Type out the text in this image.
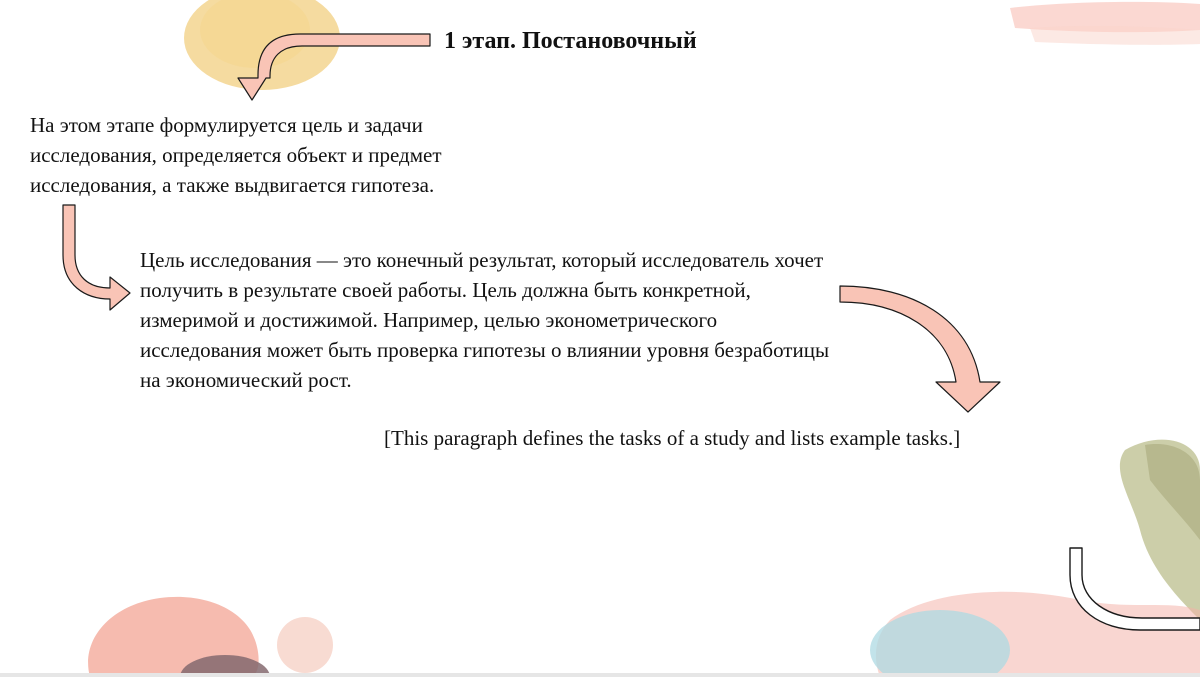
1 этап. Постановочный

На этом этапе формулируется цель и задачи исследования, определяется объект и предмет исследования, а также выдвигается гипотеза.

Цель исследования — это конечный результат, который исследователь хочет получить в результате своей работы. Цель должна быть конкретной, измеримой и достижимой. Например, целью эконометрического исследования может быть проверка гипотезы о влиянии уровня безработицы на экономический рост.

[This paragraph defines the tasks of a study and lists example tasks.]
